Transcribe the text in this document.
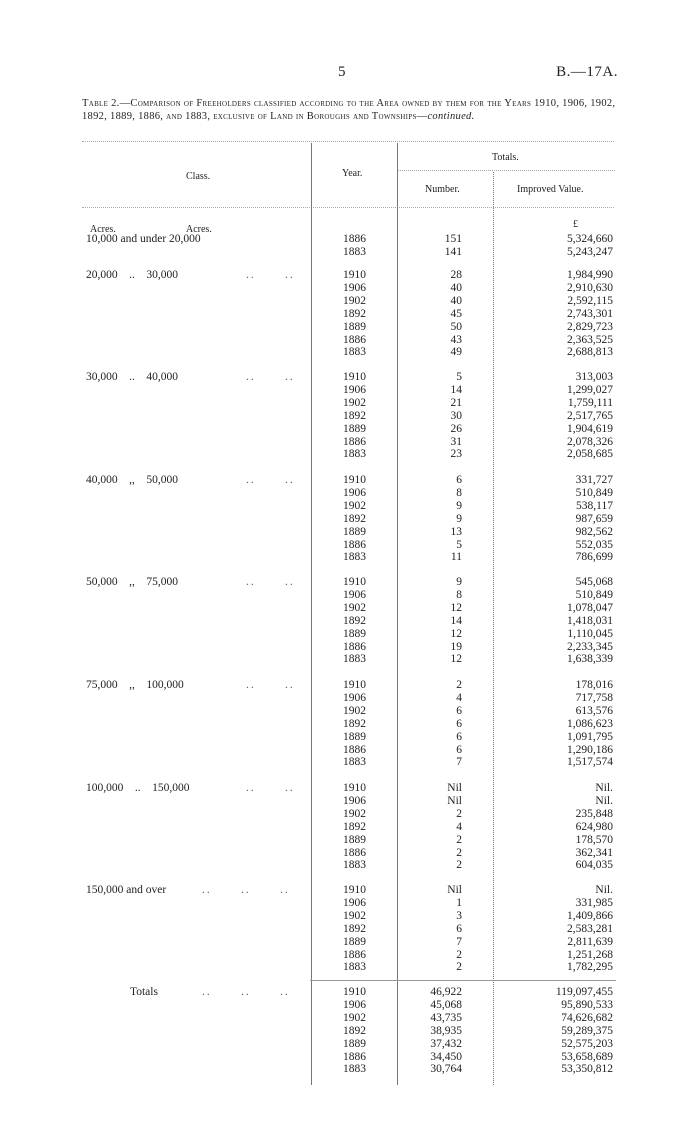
5	B.—17A.
Table 2.—Comparison of Freeholders classified according to the Area owned by them for the Years 1910, 1906, 1902, 1892, 1889, 1886, and 1883, exclusive of Land in Boroughs and Townships—continued.
Class.	Year.
Totals.
Number.	Improved Value.
Acres.	Acres.	£
10,000 and under 20,000	1886	151	5,324,660
1883	141	5,243,247
20,000    ..    30,000	..      ..	1910	28	1,984,990
1906	40	2,910,630
1902	40	2,592,115
1892	45	2,743,301
1889	50	2,829,723
1886	43	2,363,525
1883	49	2,688,813
30,000    ..    40,000	..      ..	1910	5	313,003
1906	14	1,299,027
1902	21	1,759,111
1892	30	2,517,765
1889	26	1,904,619
1886	31	2,078,326
1883	23	2,058,685
40,000    ,,    50,000	..      ..	1910	6	331,727
1906	8	510,849
1902	9	538,117
1892	9	987,659
1889	13	982,562
1886	5	552,035
1883	11	786,699
50,000    ,,    75,000	..      ..	1910	9	545,068
1906	8	510,849
1902	12	1,078,047
1892	14	1,418,031
1889	12	1,110,045
1886	19	2,233,345
1883	12	1,638,339
75,000    ,,    100,000	..      ..	1910	2	178,016
1906	4	717,758
1902	6	613,576
1892	6	1,086,623
1889	6	1,091,795
1886	6	1,290,186
1883	7	1,517,574
100,000    ..    150,000	..      ..	1910	Nil	Nil.
1906	Nil	Nil.
1902	2	235,848
1892	4	624,980
1889	2	178,570
1886	2	362,341
1883	2	604,035
150,000 and over	..      ..      ..	1910	Nil	Nil.
1906	1	331,985
1902	3	1,409,866
1892	6	2,583,281
1889	7	2,811,639
1886	2	1,251,268
1883	2	1,782,295
Totals	..      ..      ..	1910	46,922	119,097,455
1906	45,068	95,890,533
1902	43,735	74,626,682
1892	38,935	59,289,375
1889	37,432	52,575,203
1886	34,450	53,658,689
1883	30,764	53,350,812
